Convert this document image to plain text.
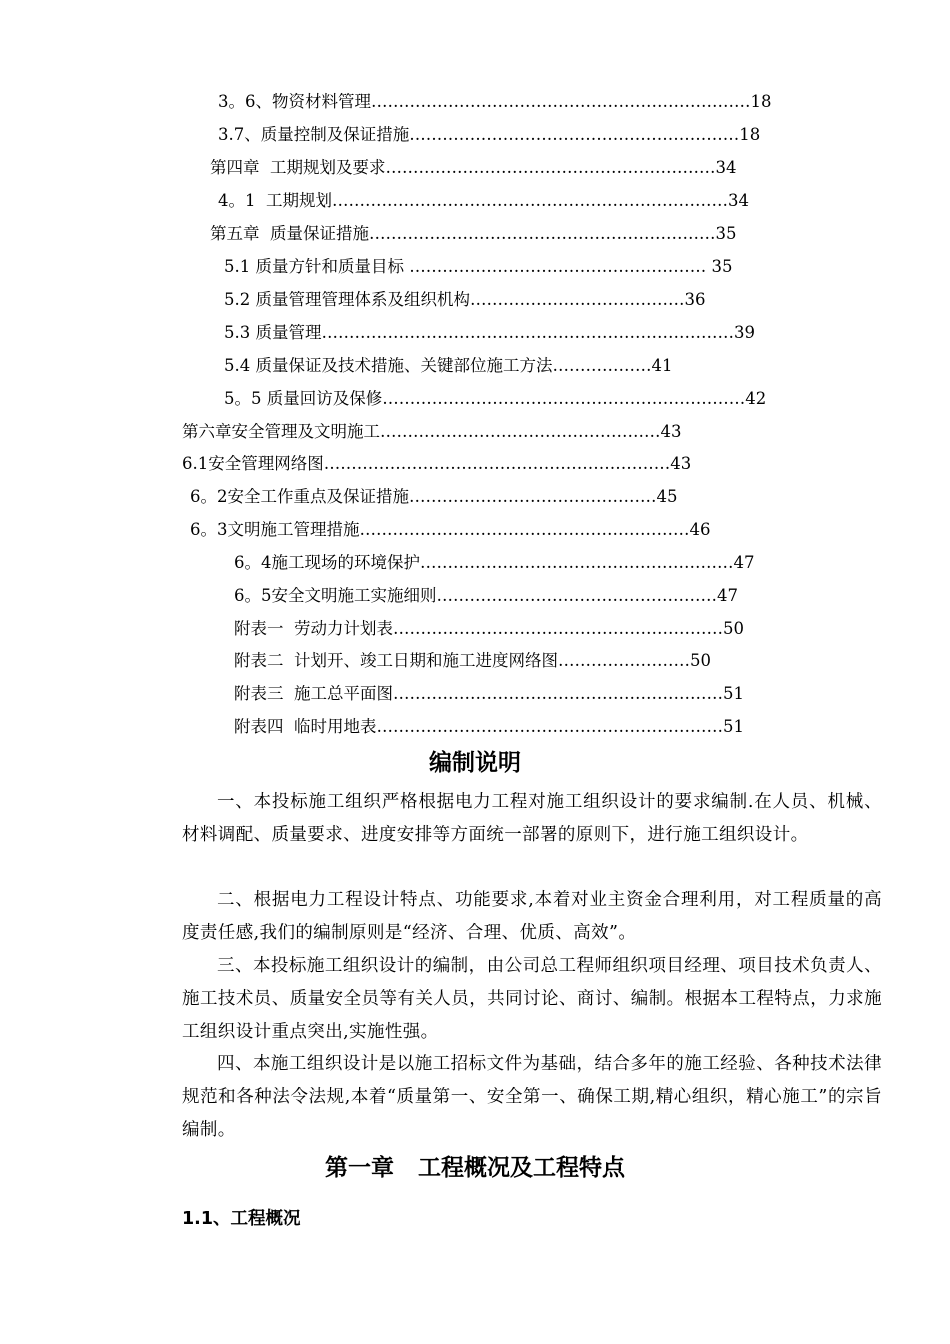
3。6、物资材料管理……………………………………………………………18
3.7、质量控制及保证措施……………………………………………………18
第四章  工期规划及要求……………………………………………………34
4。1  工期规划………………………………………………………………34
第五章  质量保证措施………………………………………………………35
5.1 质量方针和质量目标 ……………………………………………… 35
5.2 质量管理管理体系及组织机构…………………………………36
5.3 质量管理…………………………………………………………………39
5.4 质量保证及技术措施、关键部位施工方法………………41
5。5 质量回访及保修…………………………………………………………42
第六章安全管理及文明施工……………………………………………43
6.1安全管理网络图………………………………………………………43
6。2安全工作重点及保证措施………………………………………45
6。3文明施工管理措施……………………………………………………46
6。4施工现场的环境保护…………………………………………………47
6。5安全文明施工实施细则……………………………………………47
附表一  劳动力计划表……………………………………………………50
附表二  计划开、竣工日期和施工进度网络图……………………50
附表三  施工总平面图……………………………………………………51
附表四  临时用地表………………………………………………………51
编制说明
一、本投标施工组织严格根据电力工程对施工组织设计的要求编制.在人员、机械、材料调配、质量要求、进度安排等方面统一部署的原则下，进行施工组织设计。
二、根据电力工程设计特点、功能要求,本着对业主资金合理利用，对工程质量的高度责任感,我们的编制原则是“经济、合理、优质、高效”。
三、本投标施工组织设计的编制，由公司总工程师组织项目经理、项目技术负责人、施工技术员、质量安全员等有关人员，共同讨论、商讨、编制。根据本工程特点，力求施工组织设计重点突出,实施性强。
四、本施工组织设计是以施工招标文件为基础，结合多年的施工经验、各种技术法律规范和各种法令法规,本着“质量第一、安全第一、确保工期,精心组织，精心施工”的宗旨编制。
第一章   工程概况及工程特点
1.1、工程概况
